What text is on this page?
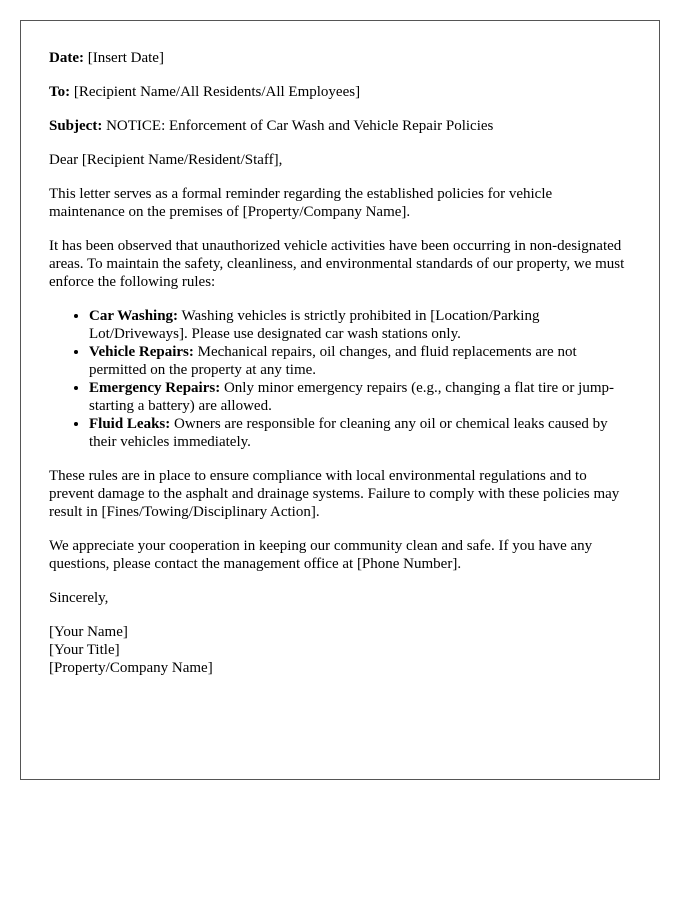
Date: [Insert Date]

To: [Recipient Name/All Residents/All Employees]

Subject: NOTICE: Enforcement of Car Wash and Vehicle Repair Policies

Dear [Recipient Name/Resident/Staff],

This letter serves as a formal reminder regarding the established policies for vehicle maintenance on the premises of [Property/Company Name].

It has been observed that unauthorized vehicle activities have been occurring in non-designated areas. To maintain the safety, cleanliness, and environmental standards of our property, we must enforce the following rules:

• Car Washing: Washing vehicles is strictly prohibited in [Location/Parking Lot/Driveways]. Please use designated car wash stations only.
• Vehicle Repairs: Mechanical repairs, oil changes, and fluid replacements are not permitted on the property at any time.
• Emergency Repairs: Only minor emergency repairs (e.g., changing a flat tire or jump-starting a battery) are allowed.
• Fluid Leaks: Owners are responsible for cleaning any oil or chemical leaks caused by their vehicles immediately.

These rules are in place to ensure compliance with local environmental regulations and to prevent damage to the asphalt and drainage systems. Failure to comply with these policies may result in [Fines/Towing/Disciplinary Action].

We appreciate your cooperation in keeping our community clean and safe. If you have any questions, please contact the management office at [Phone Number].

Sincerely,

[Your Name]
[Your Title]
[Property/Company Name]
